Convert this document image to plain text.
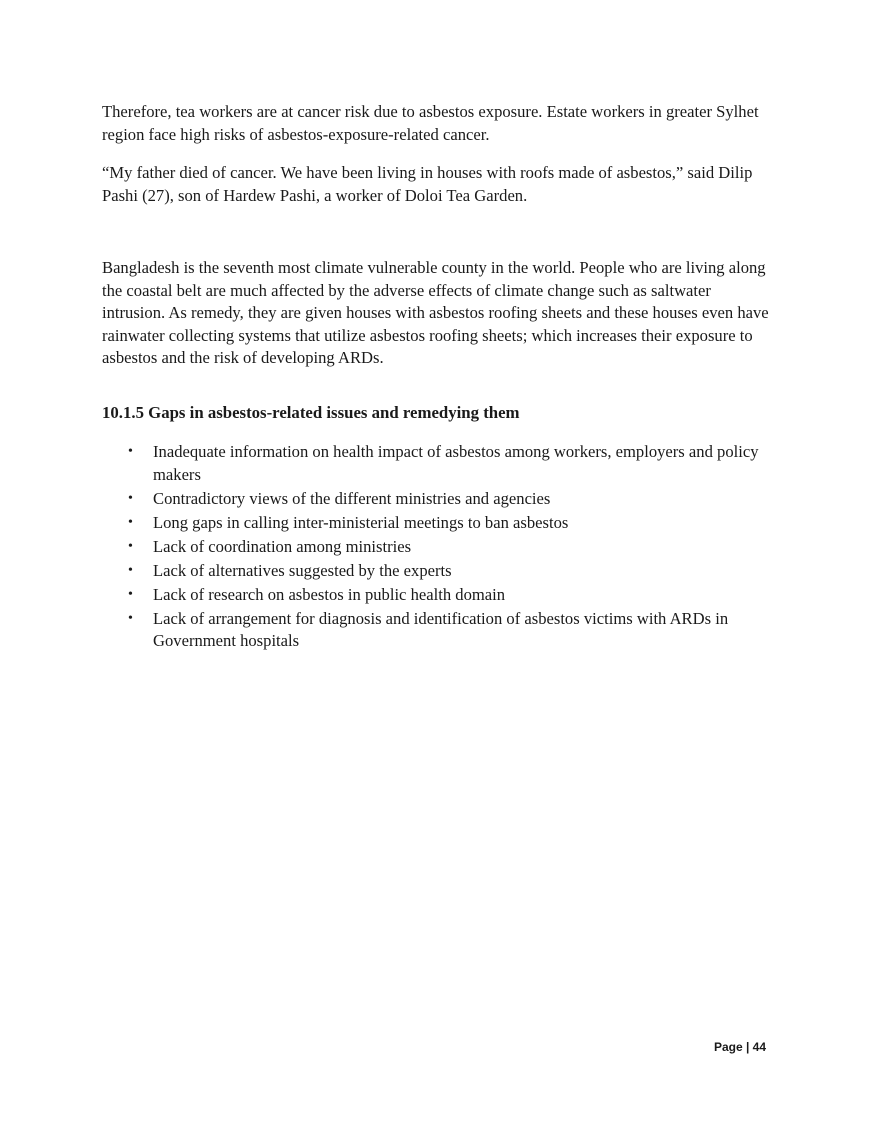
Therefore, tea workers are at cancer risk due to asbestos exposure. Estate workers in greater Sylhet region face high risks of asbestos-exposure-related cancer.

“My father died of cancer. We have been living in houses with roofs made of asbestos,” said Dilip Pashi (27), son of Hardew Pashi, a worker of Doloi Tea Garden.

Bangladesh is the seventh most climate vulnerable county in the world. People who are living along the coastal belt are much affected by the adverse effects of climate change such as saltwater intrusion. As remedy, they are given houses with asbestos roofing sheets and these houses even have rainwater collecting systems that utilize asbestos roofing sheets; which increases their exposure to asbestos and the risk of developing ARDs.

10.1.5 Gaps in asbestos-related issues and remedying them
• Inadequate information on health impact of asbestos among workers, employers and policy makers
• Contradictory views of the different ministries and agencies
• Long gaps in calling inter-ministerial meetings to ban asbestos
• Lack of coordination among ministries
• Lack of alternatives suggested by the experts
• Lack of research on asbestos in public health domain
• Lack of arrangement for diagnosis and identification of asbestos victims with ARDs in Government hospitals
Page | 44
